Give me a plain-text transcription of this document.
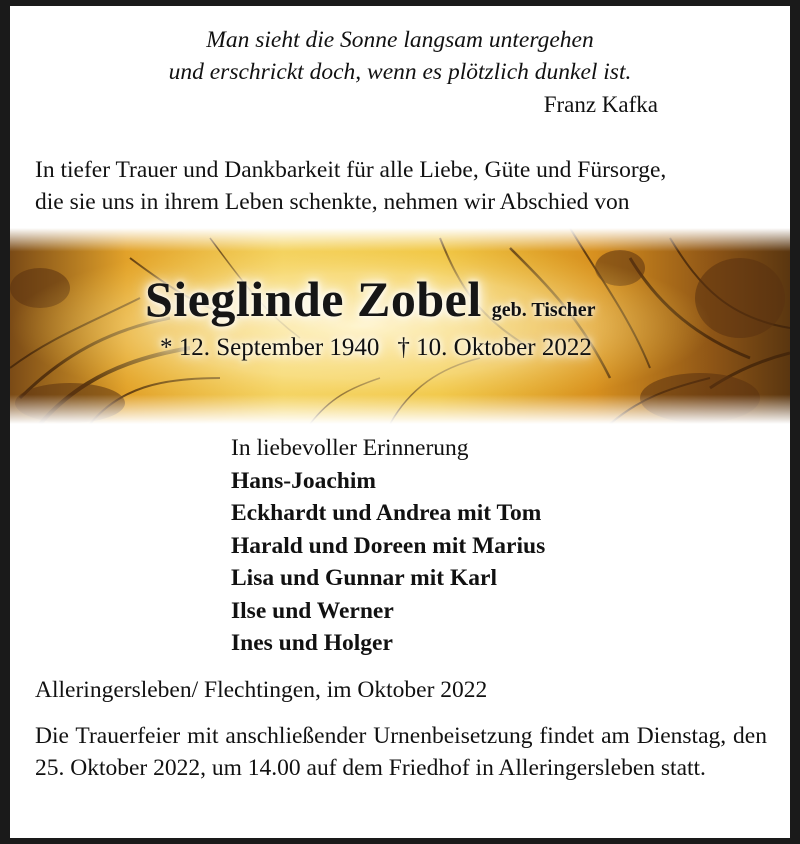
Man sieht die Sonne langsam untergehen
und erschrickt doch, wenn es plötzlich dunkel ist.
Franz Kafka
In tiefer Trauer und Dankbarkeit für alle Liebe, Güte und Fürsorge,
die sie uns in ihrem Leben schenkte, nehmen wir Abschied von
Sieglinde Zobel geb. Tischer
* 12. September 1940 † 10. Oktober 2022
In liebevoller Erinnerung
Hans-Joachim
Eckhardt und Andrea mit Tom
Harald und Doreen mit Marius
Lisa und Gunnar mit Karl
Ilse und Werner
Ines und Holger
Alleringersleben/ Flechtingen, im Oktober 2022
Die Trauerfeier mit anschließender Urnenbeisetzung findet am Dienstag, den 25. Oktober 2022, um 14.00 auf dem Friedhof in Alleringersleben statt.
